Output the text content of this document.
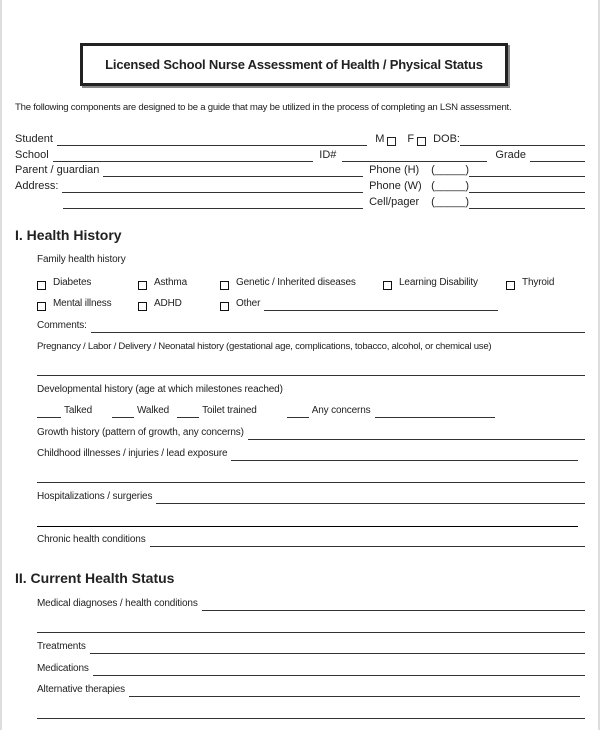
Licensed School Nurse Assessment of Health / Physical Status
The following components are designed to be a guide that may be utilized in the process of completing an LSN assessment.
Student	M F DOB:
School	ID#	Grade
Parent / guardian	Phone (H)	(_____)
Address:	Phone (W) (_____)
Cell/pager	(_____)
I. Health History
Family health history
Diabetes	Asthma	Genetic / Inherited diseases	Learning Disability	Thyroid
Mental illness	ADHD	Other
Comments:
Pregnancy / Labor / Delivery / Neonatal history (gestational age, complications, tobacco, alcohol, or chemical use)
Developmental history (age at which milestones reached)
Talked	Walked	Toilet trained	Any concerns
Growth history (pattern of growth, any concerns)
Childhood illnesses / injuries / lead exposure
Hospitalizations / surgeries
Chronic health conditions
II. Current Health Status
Medical diagnoses / health conditions
Treatments
Medications
Alternative therapies
